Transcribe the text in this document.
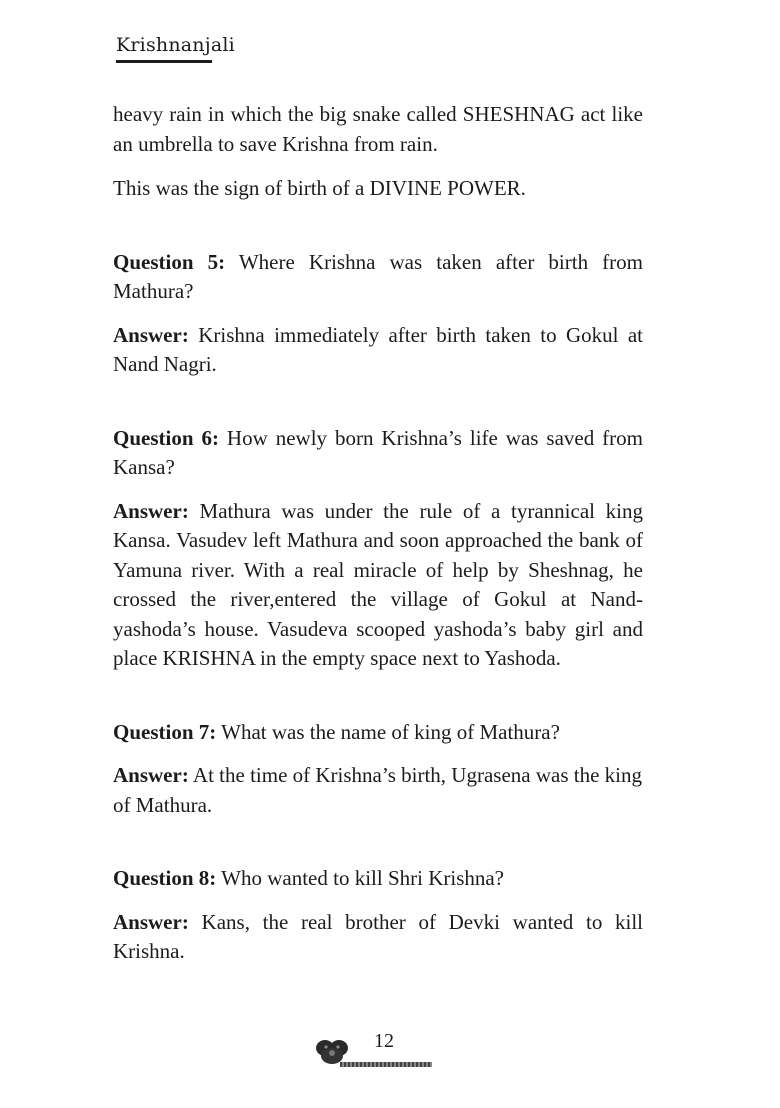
Krishnanjali

heavy rain in which the big snake called SHESHNAG act like an umbrella to save Krishna from rain.

This was the sign of birth of a DIVINE POWER.

Question 5: Where Krishna was taken after birth from Mathura?

Answer: Krishna immediately after birth taken to Gokul at Nand Nagri.

Question 6: How newly born Krishna’s life was saved from Kansa?

Answer: Mathura was under the rule of a tyrannical king Kansa. Vasudev left Mathura and soon approached the bank of Yamuna river. With a real miracle of help by Sheshnag, he crossed the river,entered the village of Gokul at Nand-yashoda’s house. Vasudeva scooped yashoda’s baby girl and place KRISHNA in the empty space next to Yashoda.

Question 7: What was the name of king of Mathura?

Answer: At the time of Krishna’s birth, Ugrasena was the king of Mathura.

Question 8: Who wanted to kill Shri Krishna?

Answer: Kans, the real brother of Devki wanted to kill Krishna.

12
